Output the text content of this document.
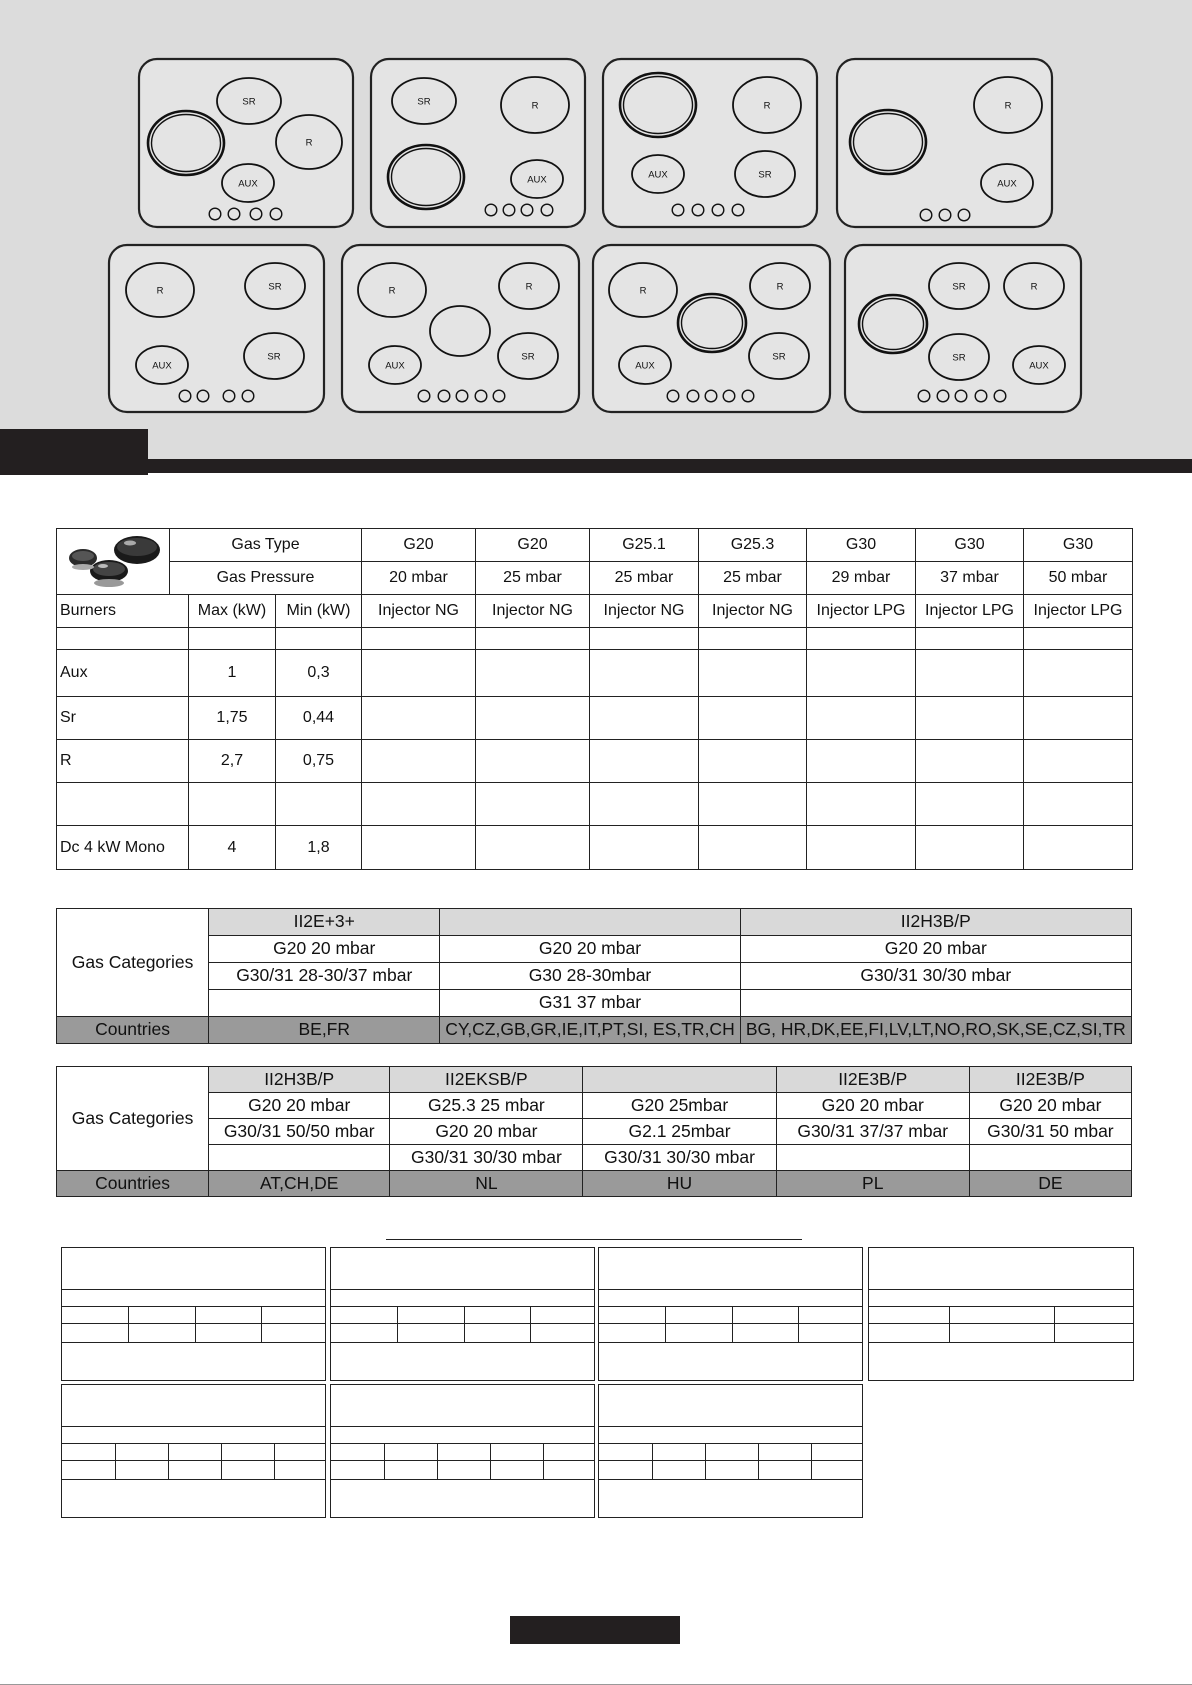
SR
R
AUX
SR	R
AUX
R
AUX	SR
R
AUX
R	SR
AUX
SR
R	R
AUX
SR
R	R
AUX
SR
SR	R
SR
AUX
	Gas Type			G20	G20	G25.1	G25.3	G30	G30	G30
	Gas Pressure			20 mbar	25 mbar	25 mbar	25 mbar	29 mbar	37 mbar	50 mbar
Burners		Max (kW)	Min (kW)	Injector NG	Injector NG	Injector NG	Injector NG	Injector LPG	Injector LPG	Injector LPG

Aux		1	0,3							
Sr		1,75	0,44							
R		2,7	0,75							

Dc 4 kW Mono		4	1,8							
Gas Categories	II2E+3+		II2H3B/P
	G20 20 mbar	G20 20 mbar	G20 20 mbar
	G30/31 28-30/37 mbar	G30 28-30mbar	G30/31 30/30 mbar
		G31 37 mbar	
Countries	BE,FR	CY,CZ,GB,GR,IE,IT,PT,SI, ES,TR,CH	BG, HR,DK,EE,FI,LV,LT,NO,RO,SK,SE,CZ,SI,TR
Gas Categories	II2H3B/P	II2EKSB/P		II2E3B/P	II2E3B/P
	G20 20 mbar	G25.3 25 mbar	G20 25mbar	G20 20 mbar	G20 20 mbar
	G30/31 50/50 mbar	G20 20 mbar	G2.1 25mbar	G30/31 37/37 mbar	G30/31 50 mbar
		G30/31 30/30 mbar	G30/31 30/30 mbar		
Countries	AT,CH,DE	NL	HU	PL	DE
